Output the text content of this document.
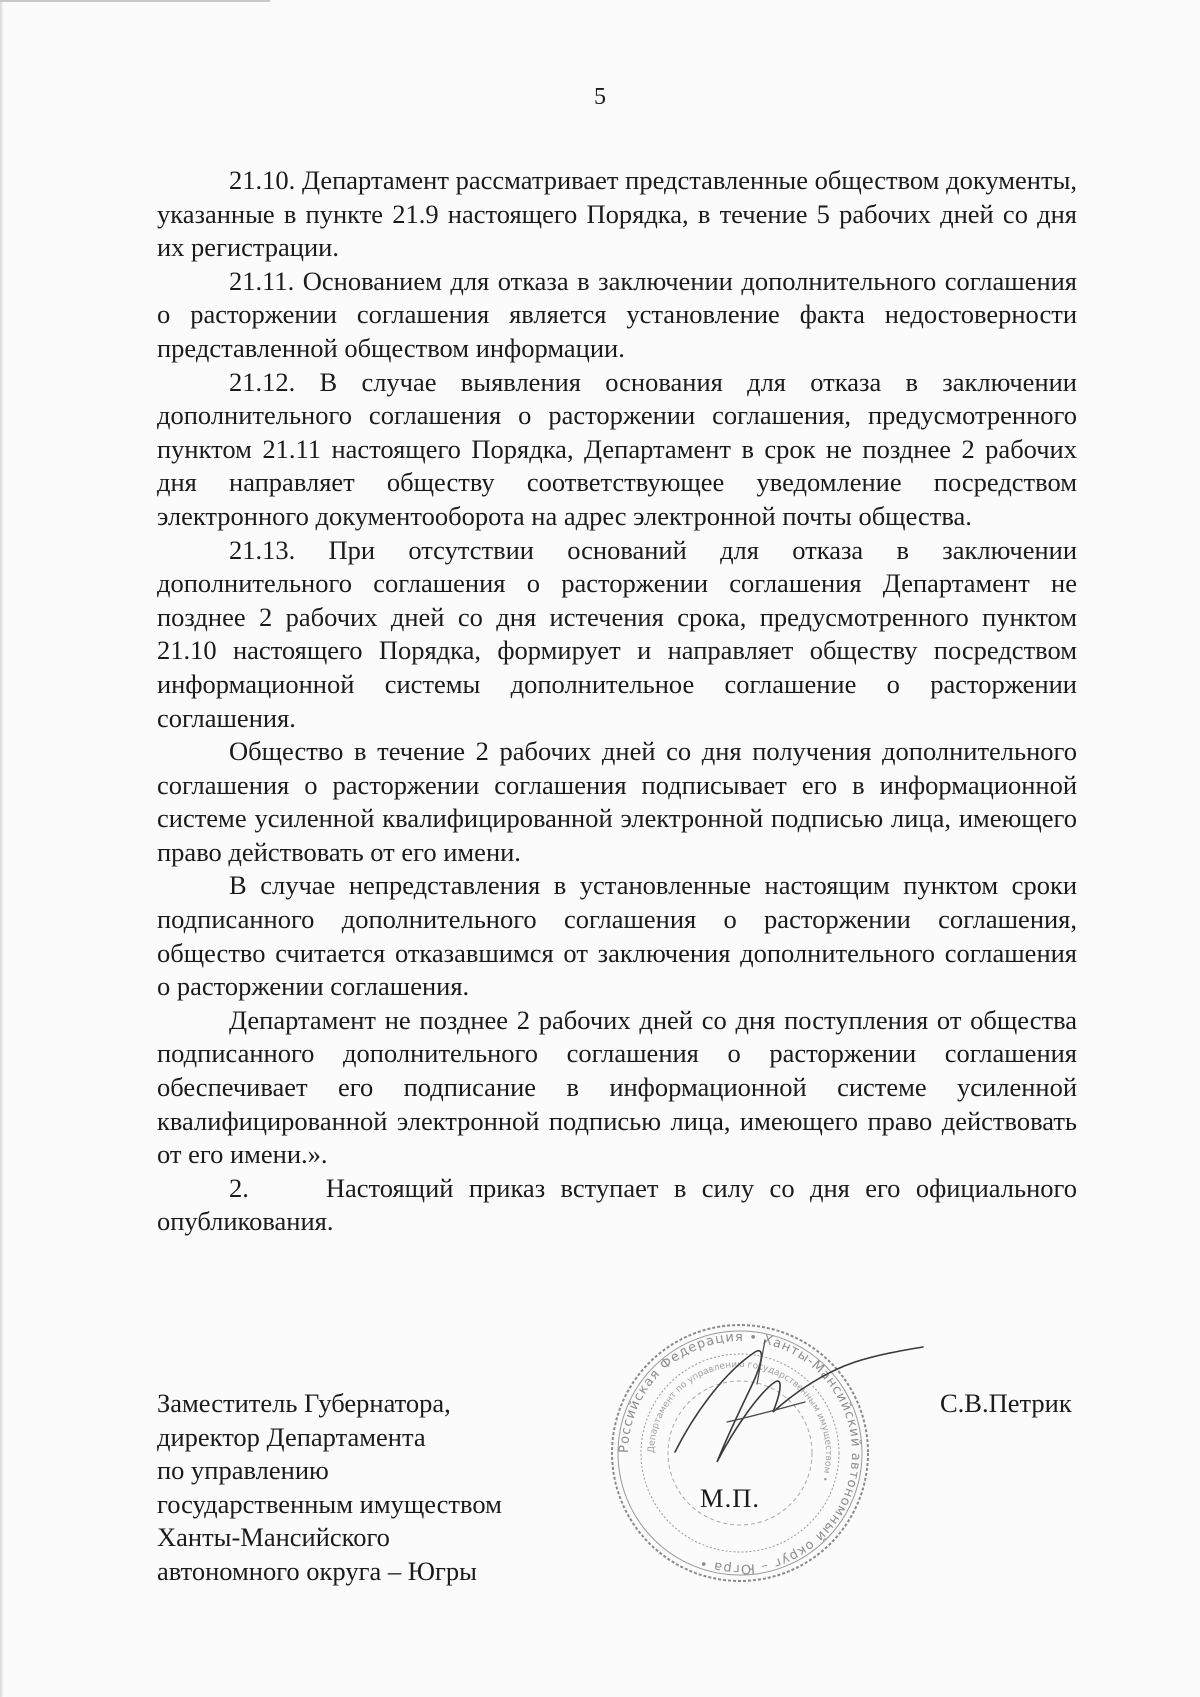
5

21.10. Департамент рассматривает представленные обществом документы, указанные в пункте 21.9 настоящего Порядка, в течение 5 рабочих дней со дня их регистрации.

21.11. Основанием для отказа в заключении дополнительного соглашения о расторжении соглашения является установление факта недостоверности представленной обществом информации.

21.12. В случае выявления основания для отказа в заключении дополнительного соглашения о расторжении соглашения, предусмотренного пунктом 21.11 настоящего Порядка, Департамент в срок не позднее 2 рабочих дня направляет обществу соответствующее уведомление посредством электронного документооборота на адрес электронной почты общества.

21.13. При отсутствии оснований для отказа в заключении дополнительного соглашения о расторжении соглашения Департамент не позднее 2 рабочих дней со дня истечения срока, предусмотренного пунктом 21.10 настоящего Порядка, формирует и направляет обществу посредством информационной системы дополнительное соглашение о расторжении соглашения.

Общество в течение 2 рабочих дней со дня получения дополнительного соглашения о расторжении соглашения подписывает его в информационной системе усиленной квалифицированной электронной подписью лица, имеющего право действовать от его имени.

В случае непредставления в установленные настоящим пунктом сроки подписанного дополнительного соглашения о расторжении соглашения, общество считается отказавшимся от заключения дополнительного соглашения о расторжении соглашения.

Департамент не позднее 2 рабочих дней со дня поступления от общества подписанного дополнительного соглашения о расторжении соглашения обеспечивает его подписание в информационной системе усиленной квалифицированной электронной подписью лица, имеющего право действовать от его имени.».

2.     Настоящий приказ вступает в силу со дня его официального опубликования.

Заместитель Губернатора,
директор Департамента
по управлению
государственным имуществом
Ханты-Мансийского
автономного округа – Югры
Российская Федерация • Ханты-Мансийский автономный округ – Югра •
Департамент по управлению государственным имуществом •
М.П.
С.В.Петрик
